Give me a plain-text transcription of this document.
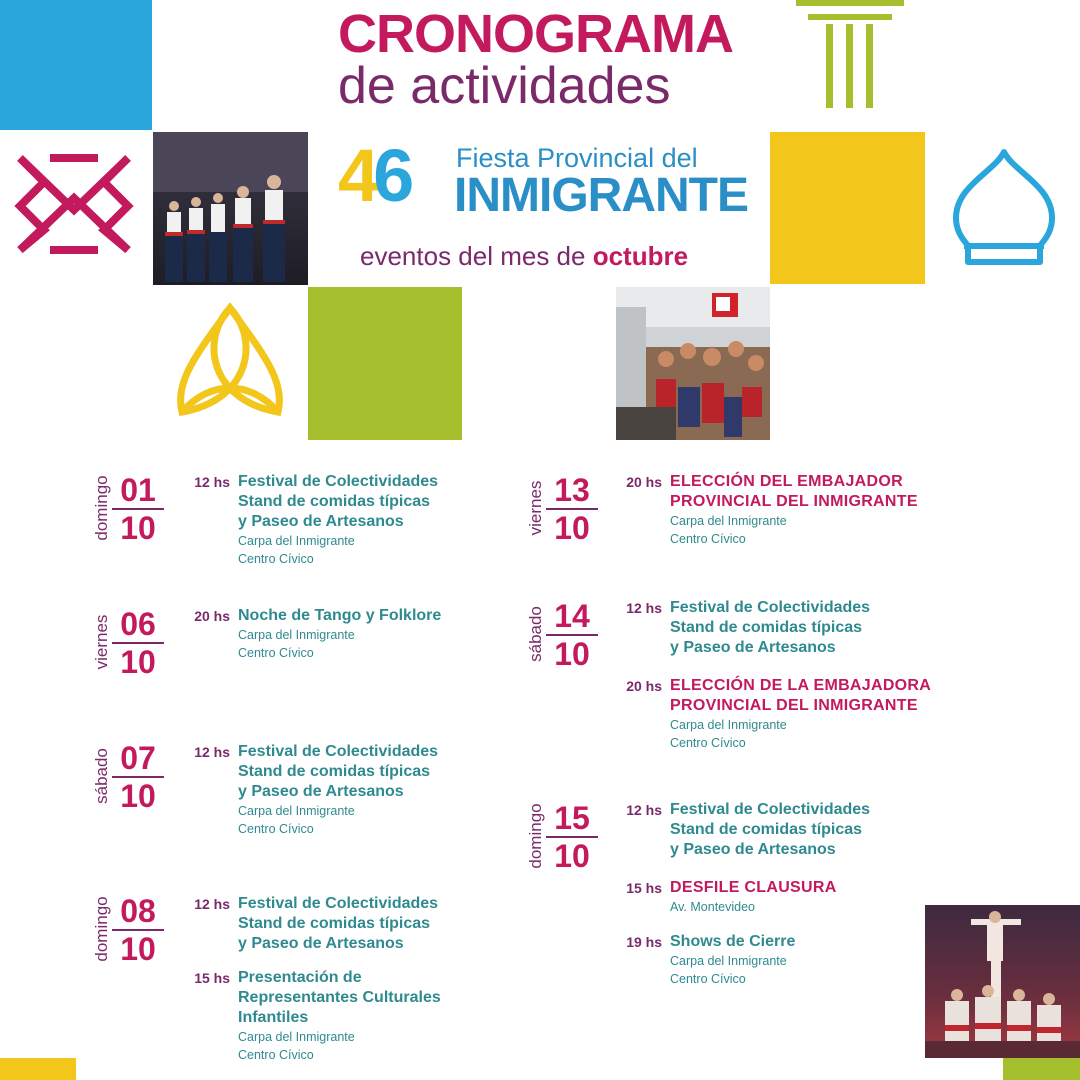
CRONOGRAMA
de actividades
46 Fiesta Provincial del
INMIGRANTE
eventos del mes de octubre
domingo 01
10
12 hs Festival de Colectividades
Stand de comidas típicas
y Paseo de Artesanos
Carpa del Inmigrante
Centro Cívico
viernes 06
10
20 hs Noche de Tango y Folklore
Carpa del Inmigrante
Centro Cívico
sábado 07
10
12 hs Festival de Colectividades
Stand de comidas típicas
y Paseo de Artesanos
Carpa del Inmigrante
Centro Cívico
domingo 08
10
12 hs Festival de Colectividades
Stand de comidas típicas
y Paseo de Artesanos
15 hs Presentación de
Representantes Culturales
Infantiles
Carpa del Inmigrante
Centro Cívico
viernes 13
10
20 hs ELECCIÓN DEL EMBAJADOR
PROVINCIAL DEL INMIGRANTE
Carpa del Inmigrante
Centro Cívico
sábado 14
10
12 hs Festival de Colectividades
Stand de comidas típicas
y Paseo de Artesanos
20 hs ELECCIÓN DE LA EMBAJADORA
PROVINCIAL DEL INMIGRANTE
Carpa del Inmigrante
Centro Cívico
domingo 15
10
12 hs Festival de Colectividades
Stand de comidas típicas
y Paseo de Artesanos
15 hs DESFILE CLAUSURA
Av. Montevideo
19 hs Shows de Cierre
Carpa del Inmigrante
Centro Cívico
